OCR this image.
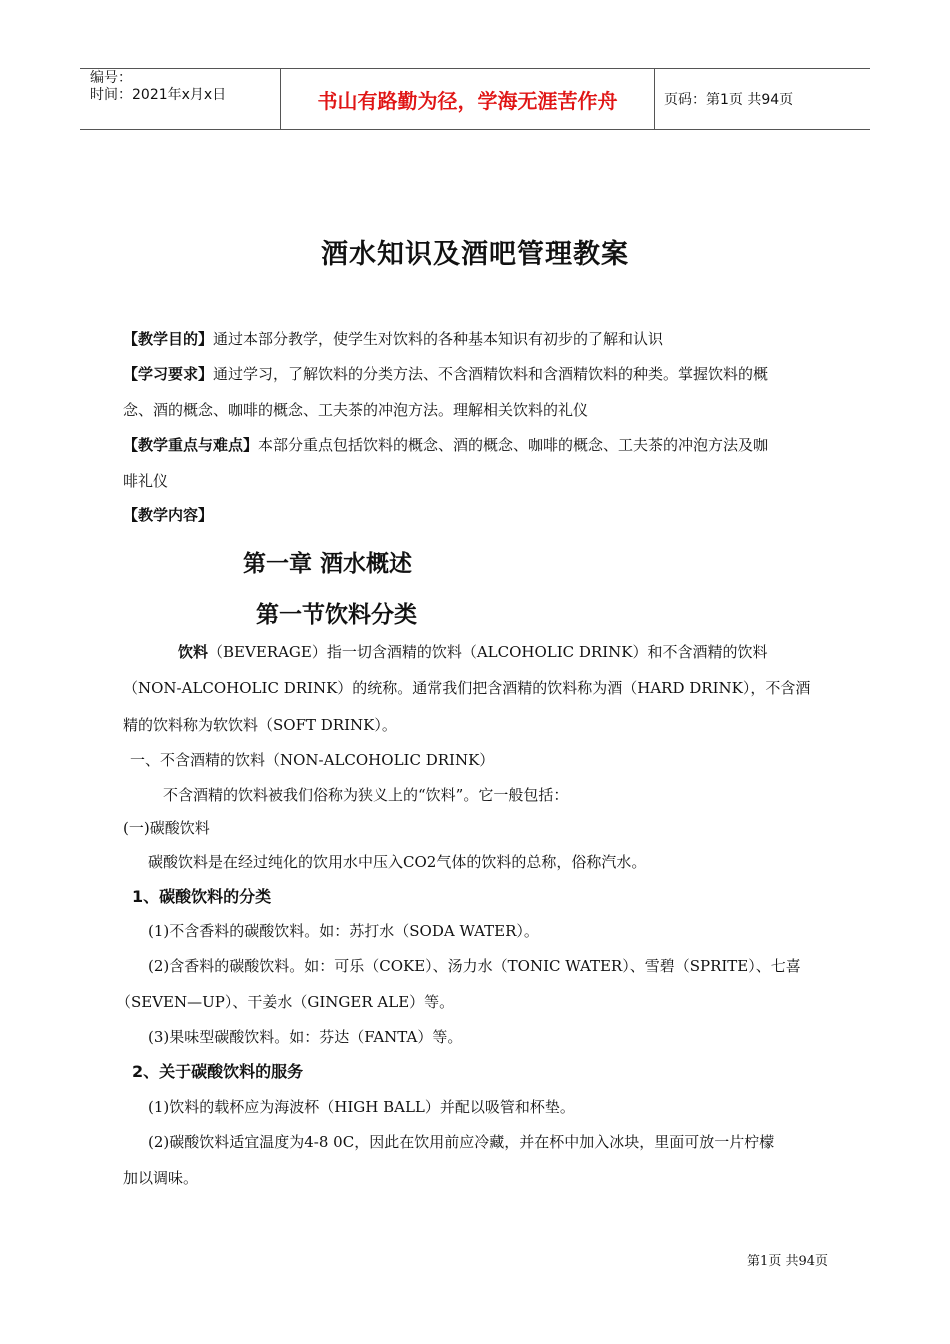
编号：
时间：2021年x月x日	书山有路勤为径，学海无涯苦作舟	页码：第1页 共94页
酒水知识及酒吧管理教案
【教学目的】通过本部分教学，使学生对饮料的各种基本知识有初步的了解和认识
【学习要求】通过学习，了解饮料的分类方法、不含酒精饮料和含酒精饮料的种类。掌握饮料的概
念、酒的概念、咖啡的概念、工夫茶的冲泡方法。理解相关饮料的礼仪
【教学重点与难点】本部分重点包括饮料的概念、酒的概念、咖啡的概念、工夫茶的冲泡方法及咖
啡礼仪
【教学内容】
第一章 酒水概述
第一节饮料分类
饮料（BEVERAGE）指一切含酒精的饮料（ALCOHOLIC DRINK）和不含酒精的饮料
（NON-ALCOHOLIC DRINK）的统称。通常我们把含酒精的饮料称为酒（HARD DRINK），不含酒
精的饮料称为软饮料（SOFT DRINK）。
一、不含酒精的饮料（NON-ALCOHOLIC DRINK）
不含酒精的饮料被我们俗称为狭义上的“饮料”。它一般包括：
(一)碳酸饮料
碳酸饮料是在经过纯化的饮用水中压入CO2气体的饮料的总称，俗称汽水。
1、碳酸饮料的分类
(1)不含香料的碳酸饮料。如：苏打水（SODA WATER）。
(2)含香料的碳酸饮料。如：可乐（COKE）、汤力水（TONIC WATER）、雪碧（SPRITE）、七喜
（SEVEN—UP）、干姜水（GINGER ALE）等。
(3)果味型碳酸饮料。如：芬达（FANTA）等。
2、关于碳酸饮料的服务
(1)饮料的载杯应为海波杯（HIGH BALL）并配以吸管和杯垫。
(2)碳酸饮料适宜温度为4-8 0C，因此在饮用前应冷藏，并在杯中加入冰块，里面可放一片柠檬
加以调味。
第1页 共94页
